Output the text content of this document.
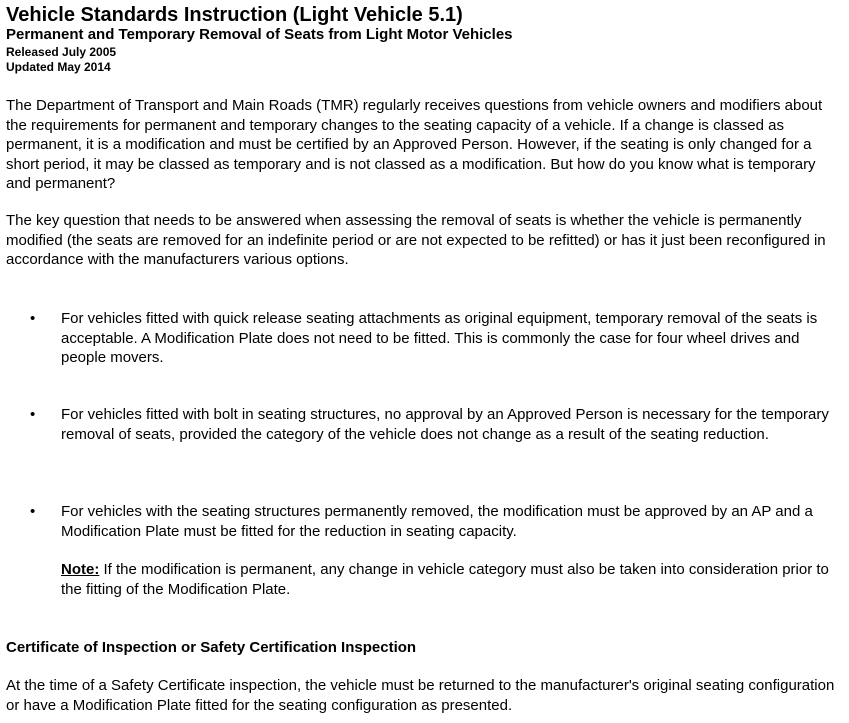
Vehicle Standards Instruction (Light Vehicle 5.1)
Permanent and Temporary Removal of Seats from Light Motor Vehicles

Released July 2005

Updated May 2014

The Department of Transport and Main Roads (TMR) regularly receives questions from vehicle owners and modifiers about the requirements for permanent and temporary changes to the seating capacity of a vehicle. If a change is classed as permanent, it is a modification and must be certified by an Approved Person. However, if the seating is only changed for a short period, it may be classed as temporary and is not classed as a modification. But how do you know what is temporary and permanent?

The key question that needs to be answered when assessing the removal of seats is whether the vehicle is permanently modified (the seats are removed for an indefinite period or are not expected to be refitted) or has it just been reconfigured in accordance with the manufacturers various options.

• For vehicles fitted with quick release seating attachments as original equipment, temporary removal of the seats is acceptable. A Modification Plate does not need to be fitted. This is commonly the case for four wheel drives and people movers.

• For vehicles fitted with bolt in seating structures, no approval by an Approved Person is necessary for the temporary removal of seats, provided the category of the vehicle does not change as a result of the seating reduction.

• For vehicles with the seating structures permanently removed, the modification must be approved by an AP and a Modification Plate must be fitted for the reduction in seating capacity.

Note: If the modification is permanent, any change in vehicle category must also be taken into consideration prior to the fitting of the Modification Plate.

Certificate of Inspection or Safety Certification Inspection

At the time of a Safety Certificate inspection, the vehicle must be returned to the manufacturer's original seating configuration or have a Modification Plate fitted for the seating configuration as presented.
